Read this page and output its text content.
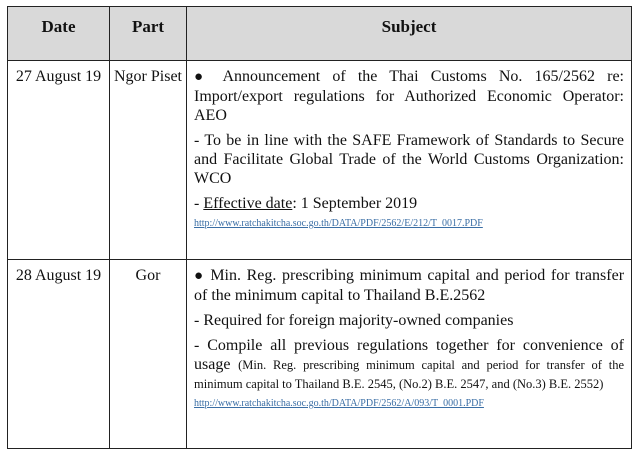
Date	Part	Subject
27 August 19	Ngor Piset	● Announcement of the Thai Customs No. 165/2562 re: Import/export regulations for Authorized Economic Operator: AEO

- To be in line with the SAFE Framework of Standards to Secure and Facilitate Global Trade of the World Customs Organization: WCO

- Effective date: 1 September 2019

http://www.ratchakitcha.soc.go.th/DATA/PDF/2562/E/212/T_0017.PDF

28 August 19	Gor	● Min. Reg. prescribing minimum capital and period for transfer of the minimum capital to Thailand B.E.2562

- Required for foreign majority-owned companies

- Compile all previous regulations together for convenience of usage (Min. Reg. prescribing minimum capital and period for transfer of the minimum capital to Thailand B.E. 2545, (No.2) B.E. 2547, and (No.3) B.E. 2552)

http://www.ratchakitcha.soc.go.th/DATA/PDF/2562/A/093/T_0001.PDF
